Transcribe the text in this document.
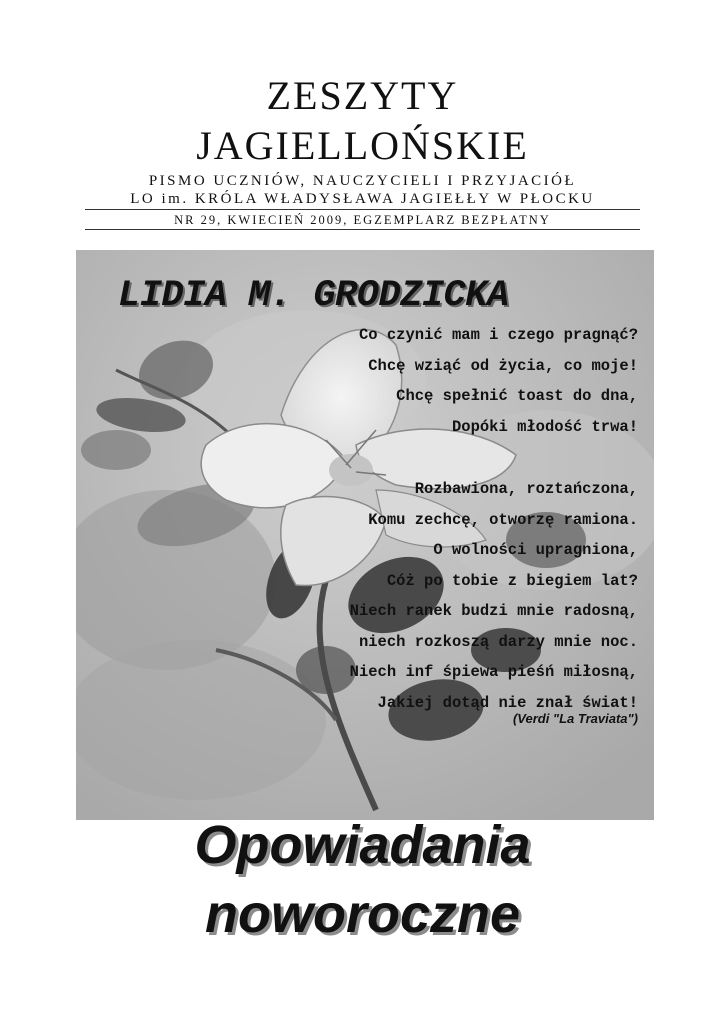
ZESZYTY
JAGIELLOŃSKIE
PISMO UCZNIÓW, NAUCZYCIELI I PRZYJACIÓŁ
LO im. KRÓLA WŁADYSŁAWA JAGIEŁŁY W PŁOCKU
NR 29, KWIECIEŃ 2009, EGZEMPLARZ BEZPŁATNY
LIDIA M. GRODZICKA
Co czynić mam i czego pragnąć?
Chcę wziąć od życia, co moje!
Chcę spełnić toast do dna,
Dopóki młodość trwa!
Rozbawiona, roztańczona,
Komu zechcę, otworzę ramiona.
O wolności upragniona,
Cóż po tobie z biegiem lat?
Niech ranek budzi mnie radosną,
niech rozkoszą darzy mnie noc.
Niech inf śpiewa pieśń miłosną,
Jakiej dotąd nie znał świat!
(Verdi "La Traviata")
Opowiadania
noworoczne
